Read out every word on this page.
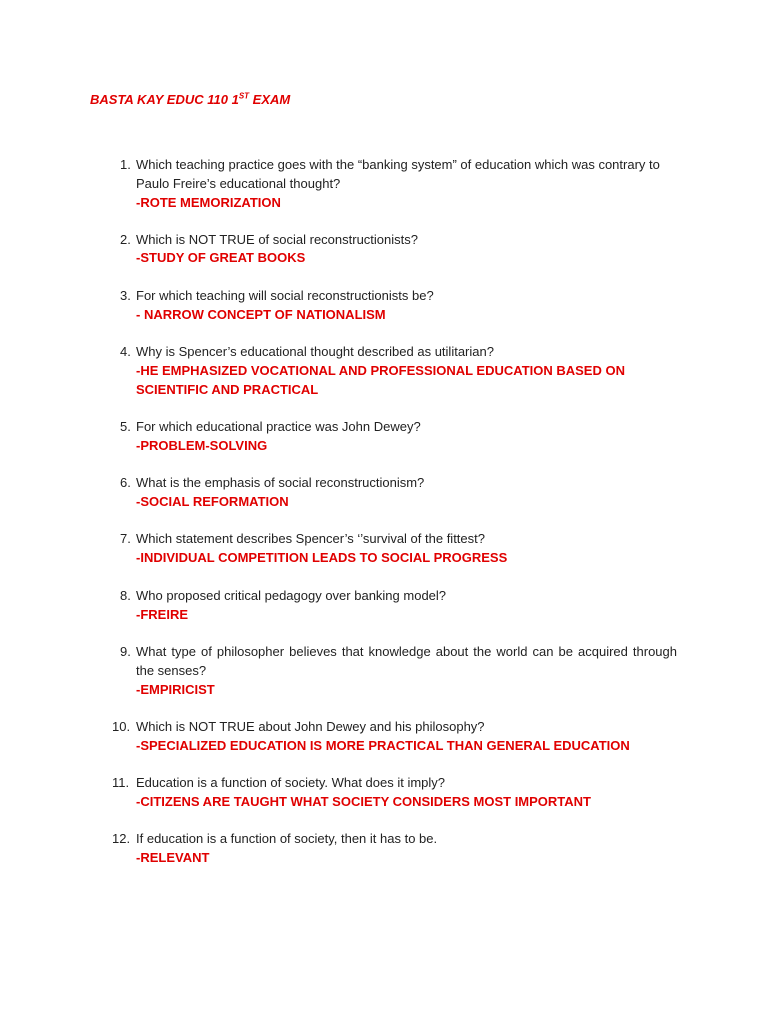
BASTA KAY EDUC 110 1ST EXAM
1. Which teaching practice goes with the “banking system” of education which was contrary to Paulo Freire’s educational thought?
-ROTE MEMORIZATION
2. Which is NOT TRUE of social reconstructionists?
-STUDY OF GREAT BOOKS
3. For which teaching will social reconstructionists be?
- NARROW CONCEPT OF NATIONALISM
4. Why is Spencer’s educational thought described as utilitarian?
-HE EMPHASIZED VOCATIONAL AND PROFESSIONAL EDUCATION BASED ON SCIENTIFIC AND PRACTICAL
5. For which educational practice was John Dewey?
-PROBLEM-SOLVING
6. What is the emphasis of social reconstructionism?
-SOCIAL REFORMATION
7. Which statement describes Spencer’s ‘’survival of the fittest?
-INDIVIDUAL COMPETITION LEADS TO SOCIAL PROGRESS
8. Who proposed critical pedagogy over banking model?
-FREIRE
9. What type of philosopher believes that knowledge about the world can be acquired through the senses?
-EMPIRICIST
10. Which is NOT TRUE about John Dewey and his philosophy?
-SPECIALIZED EDUCATION IS MORE PRACTICAL THAN GENERAL EDUCATION
11. Education is a function of society. What does it imply?
-CITIZENS ARE TAUGHT WHAT SOCIETY CONSIDERS MOST IMPORTANT
12. If education is a function of society, then it has to be.
-RELEVANT
